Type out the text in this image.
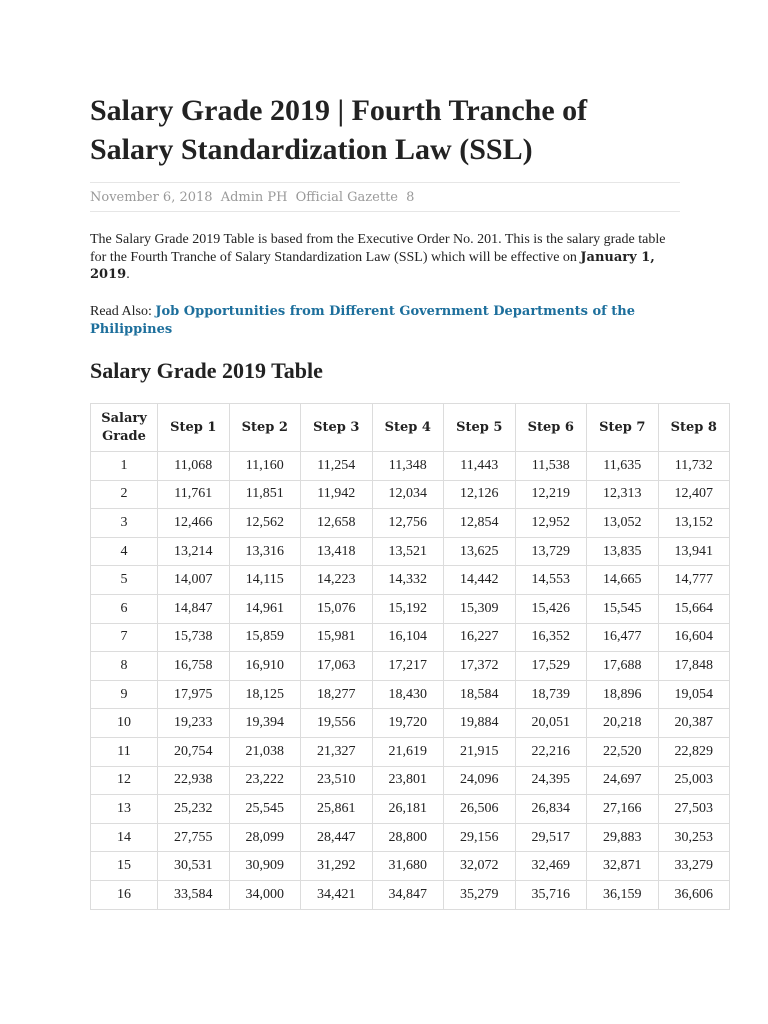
Salary Grade 2019 | Fourth Tranche of Salary Standardization Law (SSL)
November 6, 2018 Admin PH Official Gazette 8

The Salary Grade 2019 Table is based from the Executive Order No. 201. This is the salary grade table for the Fourth Tranche of Salary Standardization Law (SSL) which will be effective on January 1, 2019.

Read Also: Job Opportunities from Different Government Departments of the Philippines

Salary Grade 2019 Table
Salary Grade	Step 1	Step 2	Step 3	Step 4	Step 5	Step 6	Step 7	Step 8
1	11,068	11,160	11,254	11,348	11,443	11,538	11,635	11,732
2	11,761	11,851	11,942	12,034	12,126	12,219	12,313	12,407
3	12,466	12,562	12,658	12,756	12,854	12,952	13,052	13,152
4	13,214	13,316	13,418	13,521	13,625	13,729	13,835	13,941
5	14,007	14,115	14,223	14,332	14,442	14,553	14,665	14,777
6	14,847	14,961	15,076	15,192	15,309	15,426	15,545	15,664
7	15,738	15,859	15,981	16,104	16,227	16,352	16,477	16,604
8	16,758	16,910	17,063	17,217	17,372	17,529	17,688	17,848
9	17,975	18,125	18,277	18,430	18,584	18,739	18,896	19,054
10	19,233	19,394	19,556	19,720	19,884	20,051	20,218	20,387
11	20,754	21,038	21,327	21,619	21,915	22,216	22,520	22,829
12	22,938	23,222	23,510	23,801	24,096	24,395	24,697	25,003
13	25,232	25,545	25,861	26,181	26,506	26,834	27,166	27,503
14	27,755	28,099	28,447	28,800	29,156	29,517	29,883	30,253
15	30,531	30,909	31,292	31,680	32,072	32,469	32,871	33,279
16	33,584	34,000	34,421	34,847	35,279	35,716	36,159	36,606
